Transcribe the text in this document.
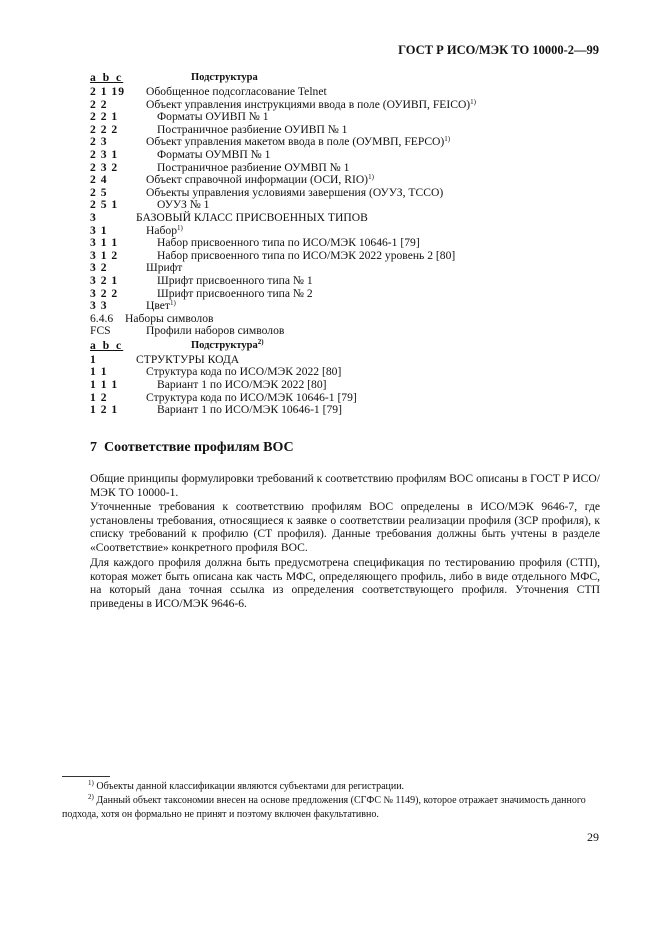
ГОСТ Р ИСО/МЭК ТО 10000-2—99
a b c	Подструктура
2 1 19 Обобщенное подсогласование Telnet
2 2	Объект управления инструкциями ввода в поле (ОУИВП, FEICO)$^{1)}$
2 2 1	Форматы ОУИВП № 1
2 2 2	Постраничное разбиение ОУИВП № 1
2 3	Объект управления макетом ввода в поле (ОУМВП, FEPCO)$^{1)}$
2 3 1	Форматы ОУМВП № 1
2 3 2	Постраничное разбиение ОУМВП № 1
2 4	Объект справочной информации (ОСИ, RIO)$^{1)}$
2 5	Объекты управления условиями завершения (ОУУЗ, TCCO)
2 5 1	ОУУЗ № 1
3	БАЗОВЫЙ КЛАСС ПРИСВОЕННЫХ ТИПОВ
3 1	Набор$^{1)}$
3 1 1	Набор присвоенного типа по ИСО/МЭК 10646-1 [79]
3 1 2	Набор присвоенного типа по ИСО/МЭК 2022 уровень 2 [80]
3 2	Шрифт
3 2 1	Шрифт присвоенного типа № 1
3 2 2	Шрифт присвоенного типа № 2
3 3	Цвет$^{1)}$
6.4.6 Наборы символов
FCS	Профили наборов символов
a b c	Подструктура$^{2)}$
1	СТРУКТУРЫ КОДА
1 1	Структура кода по ИСО/МЭК 2022 [80]
1 1 1	Вариант 1 по ИСО/МЭК 2022 [80]
1 2	Структура кода по ИСО/МЭК 10646-1 [79]
1 2 1	Вариант 1 по ИСО/МЭК 10646-1 [79]
7 Соответствие профилям ВОС
Общие принципы формулировки требований к соответствию профилям ВОС описаны в ГОСТ Р ИСО/МЭК ТО 10000-1.
Уточненные требования к соответствию профилям ВОС определены в ИСО/МЭК 9646-7, где установлены требования, относящиеся к заявке о соответствии реализации профиля (ЗСР профиля), к списку требований к профилю (СТ профиля). Данные требования должны быть учтены в разделе «Соответствие» конкретного профиля ВОС.
Для каждого профиля должна быть предусмотрена спецификация по тестированию профиля (СТП), которая может быть описана как часть МФС, определяющего профиль, либо в виде отдельного МФС, на который дана точная ссылка из определения соответствующего профиля. Уточнения СТП приведены в ИСО/МЭК 9646-6.
$^{1)}$ Объекты данной классификации являются субъектами для регистрации.
$^{2)}$ Данный объект таксономии внесен на основе предложения (СГФС № 1149), которое отражает значимость данного подхода, хотя он формально не принят и поэтому включен факультативно.
29
